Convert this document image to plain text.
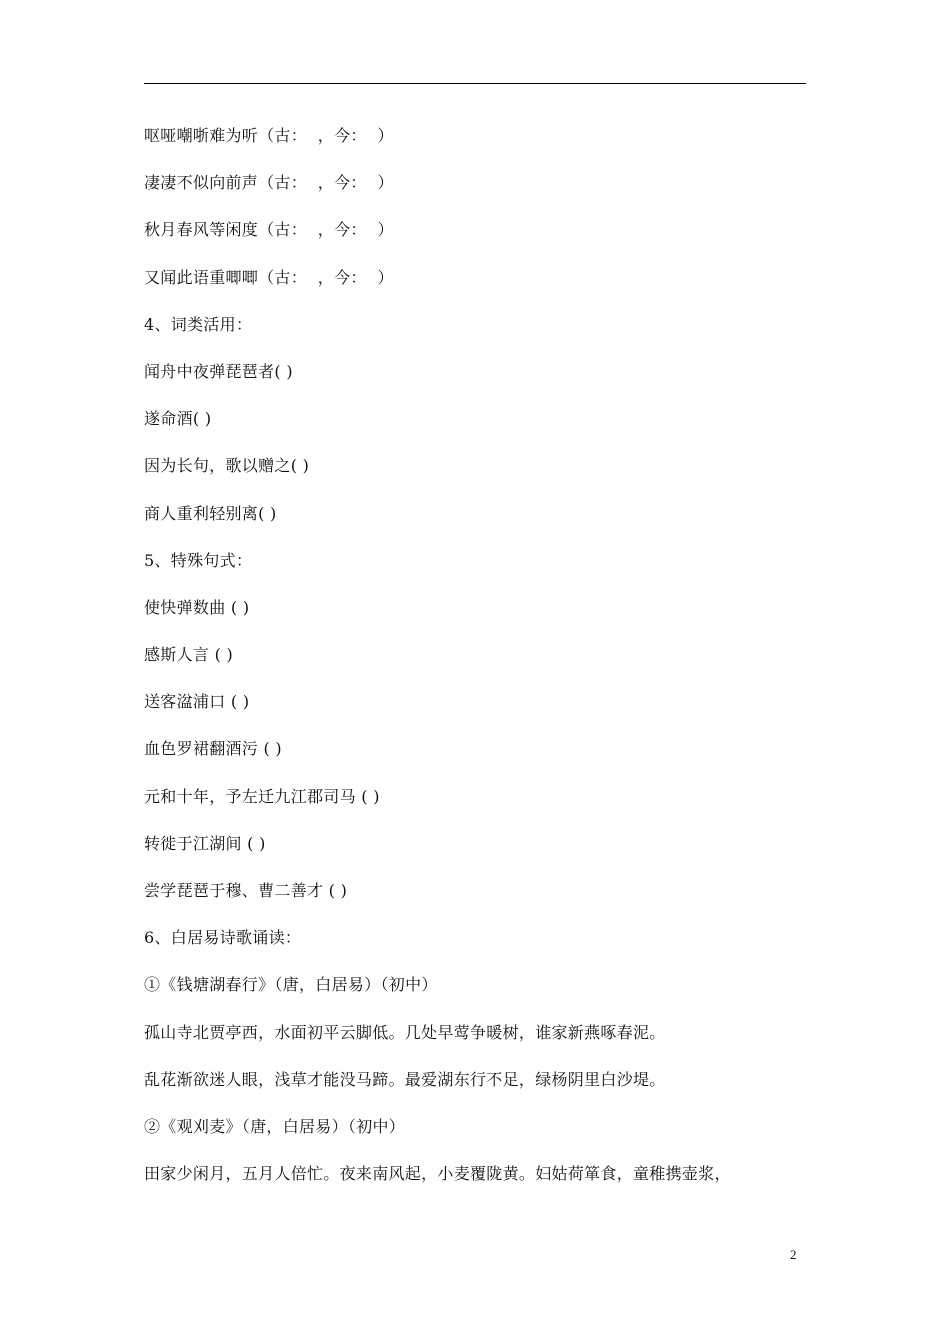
呕哑嘲哳难为听（古：  ，今：  ）
凄凄不似向前声（古：  ，今：  ）
秋月春风等闲度（古：  ，今：  ）
又闻此语重唧唧（古：  ，今：  ）
4、词类活用：
闻舟中夜弹琵琶者( )
遂命酒( )
因为长句，歌以赠之( )
商人重利轻别离( )
5、特殊句式：
使快弹数曲 ( )
感斯人言 ( )
送客湓浦口 ( )
血色罗裙翻酒污 ( )
元和十年，予左迁九江郡司马 ( )
转徙于江湖间 ( )
尝学琵琶于穆、曹二善才 ( )
6、白居易诗歌诵读：
①《钱塘湖春行》（唐，白居易）（初中）
孤山寺北贾亭西，水面初平云脚低。几处早莺争暖树，谁家新燕啄春泥。
乱花渐欲迷人眼，浅草才能没马蹄。最爱湖东行不足，绿杨阴里白沙堤。
②《观刈麦》（唐，白居易）（初中）
田家少闲月，五月人倍忙。夜来南风起，小麦覆陇黄。妇姑荷箪食，童稚携壶浆，
2
